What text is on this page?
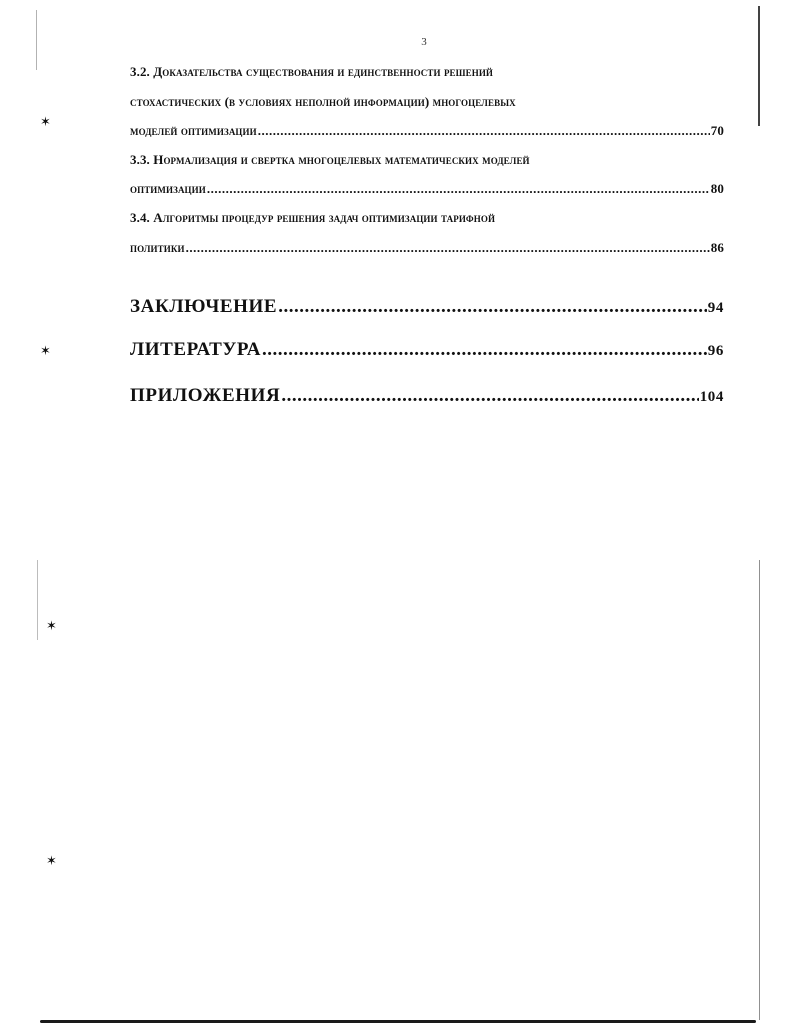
✶
✶
✶
✶
3
3.2. Доказательства существования и единственности решений
стохастических (в условиях неполной информации) многоцелевых
моделей оптимизации .....	70
3.3. Нормализация и свертка многоцелевых математических моделей
оптимизации .....	80
3.4. Алгоритмы процедур решения задач оптимизации тарифной
политики .....	86
ЗАКЛЮЧЕНИЕ .....	94
ЛИТЕРАТУРА .....	96
ПРИЛОЖЕНИЯ .....	104
